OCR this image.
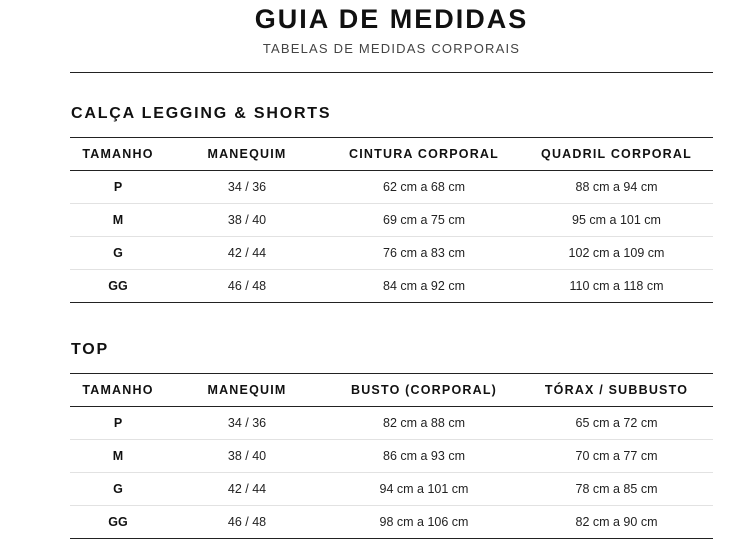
GUIA DE MEDIDAS
TABELAS DE MEDIDAS CORPORAIS
CALÇA LEGGING & SHORTS
TAMANHO	MANEQUIM	CINTURA CORPORAL	QUADRIL CORPORAL
P	34 / 36	62 cm a 68 cm	88 cm a 94 cm
M	38 / 40	69 cm a 75 cm	95 cm a 101 cm
G	42 / 44	76 cm a 83 cm	102 cm a 109 cm
GG	46 / 48	84 cm a 92 cm	110 cm a 118 cm
TOP
TAMANHO	MANEQUIM	BUSTO (CORPORAL)	TÓRAX / SUBBUSTO
P	34 / 36	82 cm a 88 cm	65 cm a 72 cm
M	38 / 40	86 cm a 93 cm	70 cm a 77 cm
G	42 / 44	94 cm a 101 cm	78 cm a 85 cm
GG	46 / 48	98 cm a 106 cm	82 cm a 90 cm
